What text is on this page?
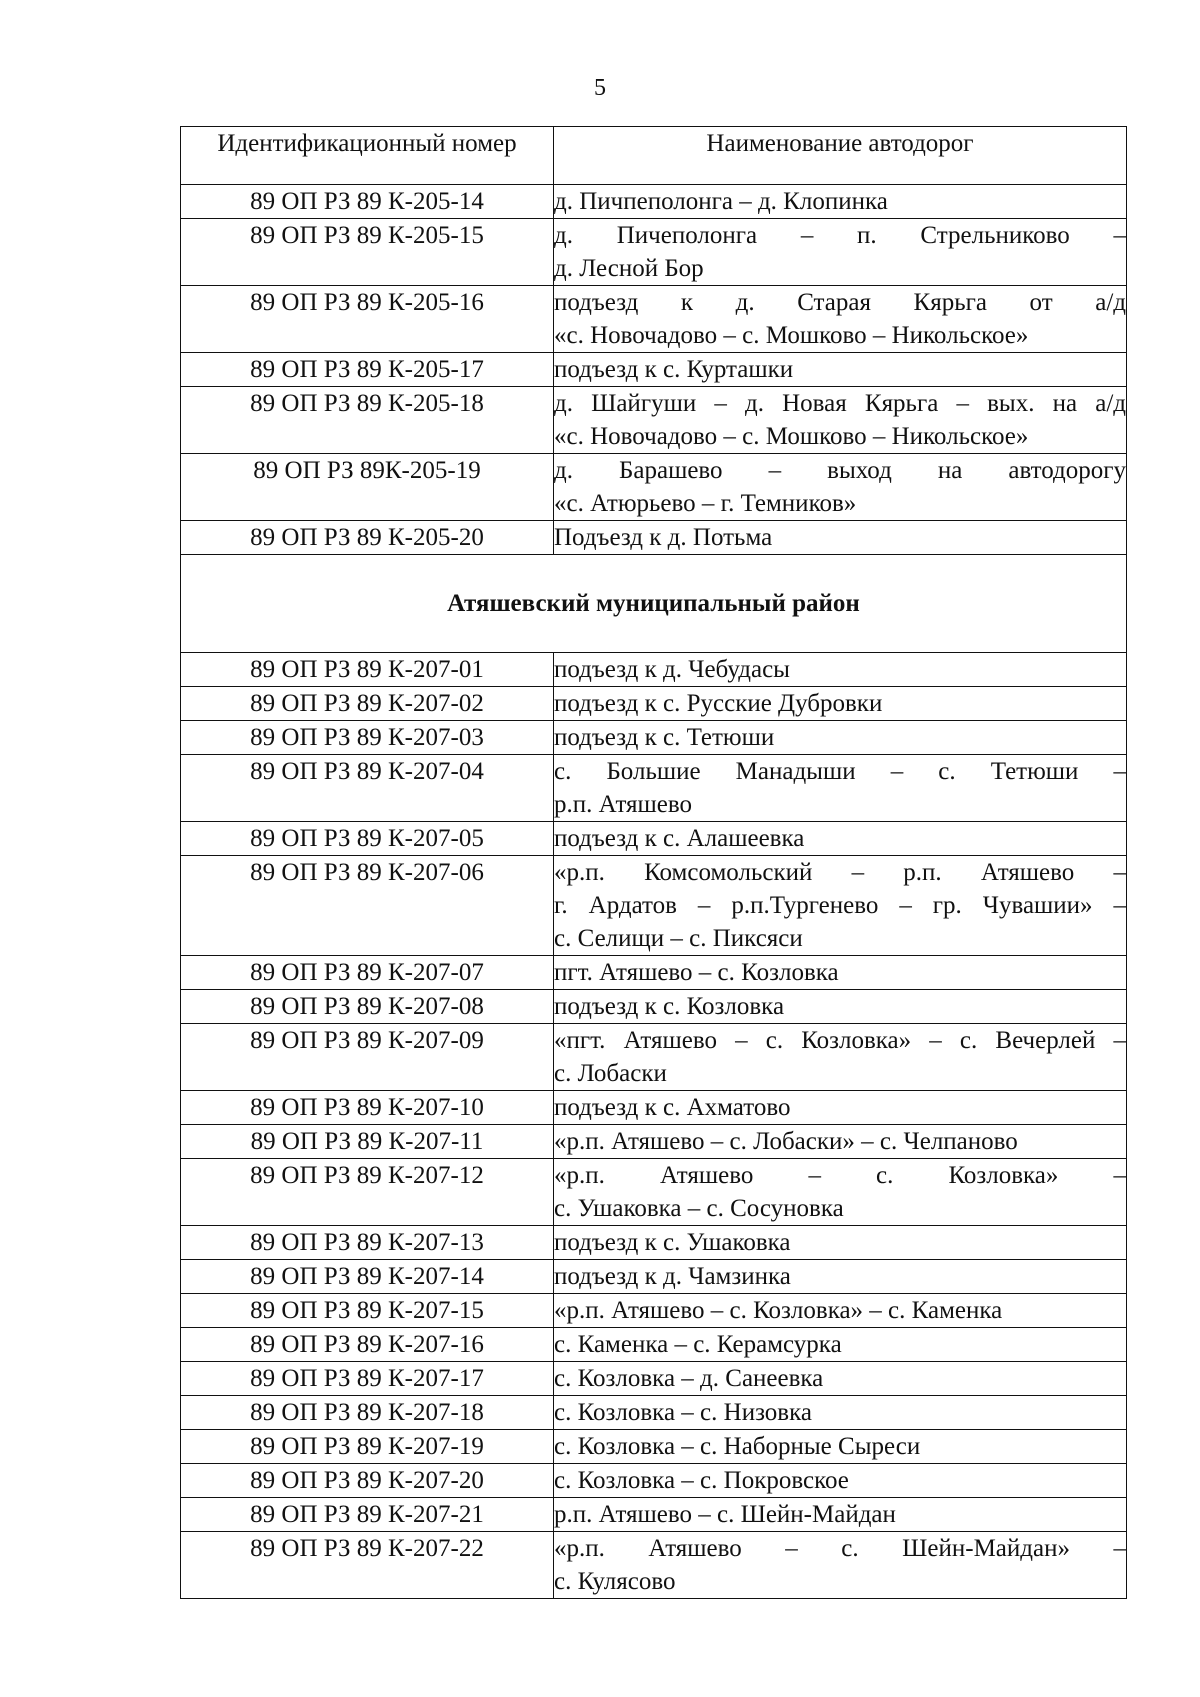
5
Идентификационный номер	Наименование автодорог
89 ОП РЗ 89 К-205-14	д. Пичпеполонга – д. Клопинка

89 ОП РЗ 89 К-205-15	д. Пичеполонга – п. Стрельниково –
д. Лесной Бор

89 ОП РЗ 89 К-205-16	подъезд к д. Старая Кярьга от а/д
«с. Новочадово – с. Мошково – Никольское»

89 ОП РЗ 89 К-205-17	подъезд к с. Курташки

89 ОП РЗ 89 К-205-18	д. Шайгуши – д. Новая Кярьга – вых. на а/д
«с. Новочадово – с. Мошково – Никольское»

89 ОП РЗ 89К-205-19	д. Барашево – выход на автодорогу
«с. Атюрьево – г. Темников»

89 ОП РЗ 89 К-205-20	Подъезд к д. Потьма

Атяшевский муниципальный район	
89 ОП РЗ 89 К-207-01	подъезд к д. Чебудасы

89 ОП РЗ 89 К-207-02	подъезд к с. Русские Дубровки

89 ОП РЗ 89 К-207-03	подъезд к с. Тетюши

89 ОП РЗ 89 К-207-04	с. Большие Манадыши – с. Тетюши –
р.п. Атяшево

89 ОП РЗ 89 К-207-05	подъезд к с. Алашеевка

89 ОП РЗ 89 К-207-06	«р.п. Комсомольский – р.п. Атяшево –
г. Ардатов – р.п.Тургенево – гр. Чувашии» –
с. Селищи – с. Пиксяси

89 ОП РЗ 89 К-207-07	пгт. Атяшево – с. Козловка

89 ОП РЗ 89 К-207-08	подъезд к с. Козловка

89 ОП РЗ 89 К-207-09	«пгт. Атяшево – с. Козловка» – с. Вечерлей –
с. Лобаски

89 ОП РЗ 89 К-207-10	подъезд к с. Ахматово

89 ОП РЗ 89 К-207-11	«р.п. Атяшево – с. Лобаски» – с. Челпаново

89 ОП РЗ 89 К-207-12	«р.п. Атяшево – с. Козловка» –
с. Ушаковка – с. Сосуновка

89 ОП РЗ 89 К-207-13	подъезд к с. Ушаковка

89 ОП РЗ 89 К-207-14	подъезд к д. Чамзинка

89 ОП РЗ 89 К-207-15	«р.п. Атяшево – с. Козловка» – с. Каменка

89 ОП РЗ 89 К-207-16	с. Каменка – с. Керамсурка

89 ОП РЗ 89 К-207-17	с. Козловка – д. Санеевка

89 ОП РЗ 89 К-207-18	с. Козловка – с. Низовка

89 ОП РЗ 89 К-207-19	с. Козловка – с. Наборные Сыреси

89 ОП РЗ 89 К-207-20	с. Козловка – с. Покровское

89 ОП РЗ 89 К-207-21	р.п. Атяшево – с. Шейн-Майдан

89 ОП РЗ 89 К-207-22	«р.п. Атяшево – с. Шейн-Майдан» –
с. Кулясово
